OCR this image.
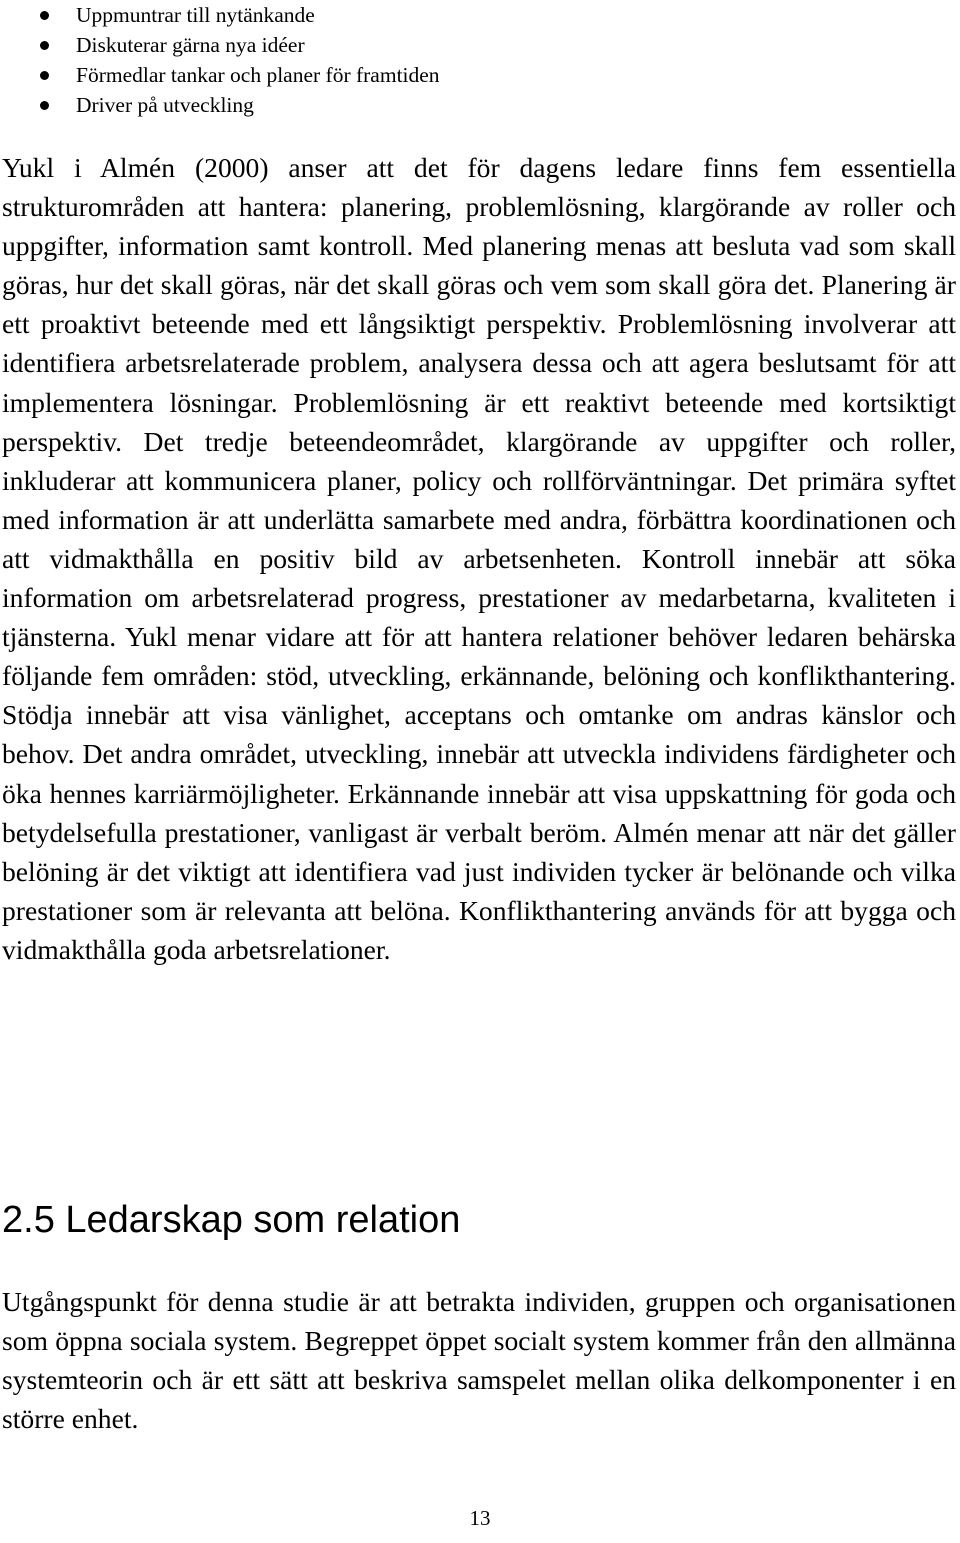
Uppmuntrar till nytänkande
Diskuterar gärna nya idéer
Förmedlar tankar och planer för framtiden
Driver på utveckling

Yukl i Almén (2000) anser att det för dagens ledare finns fem essentiella strukturområden att hantera: planering, problemlösning, klargörande av roller och uppgifter, information samt kontroll. Med planering menas att besluta vad som skall göras, hur det skall göras, när det skall göras och vem som skall göra det. Planering är ett proaktivt beteende med ett långsiktigt perspektiv. Problemlösning involverar att identifiera arbetsrelaterade problem, analysera dessa och att agera beslutsamt för att implementera lösningar. Problemlösning är ett reaktivt beteende med kortsiktigt perspektiv. Det tredje beteendeområdet, klargörande av uppgifter och roller, inkluderar att kommunicera planer, policy och rollförväntningar. Det primära syftet med information är att underlätta samarbete med andra, förbättra koordinationen och att vidmakthålla en positiv bild av arbetsenheten. Kontroll innebär att söka information om arbetsrelaterad progress, prestationer av medarbetarna, kvaliteten i tjänsterna. Yukl menar vidare att för att hantera relationer behöver ledaren behärska följande fem områden: stöd, utveckling, erkännande, belöning och konflikthantering. Stödja innebär att visa vänlighet, acceptans och omtanke om andras känslor och behov. Det andra området, utveckling, innebär att utveckla individens färdigheter och öka hennes karriärmöjligheter. Erkännande innebär att visa uppskattning för goda och betydelsefulla prestationer, vanligast är verbalt beröm. Almén menar att när det gäller belöning är det viktigt att identifiera vad just individen tycker är belönande och vilka prestationer som är relevanta att belöna. Konflikthantering används för att bygga och vidmakthålla goda arbetsrelationer.

2.5 Ledarskap som relation

Utgångspunkt för denna studie är att betrakta individen, gruppen och organisationen som öppna sociala system. Begreppet öppet socialt system kommer från den allmänna systemteorin och är ett sätt att beskriva samspelet mellan olika delkomponenter i en större enhet.

13
